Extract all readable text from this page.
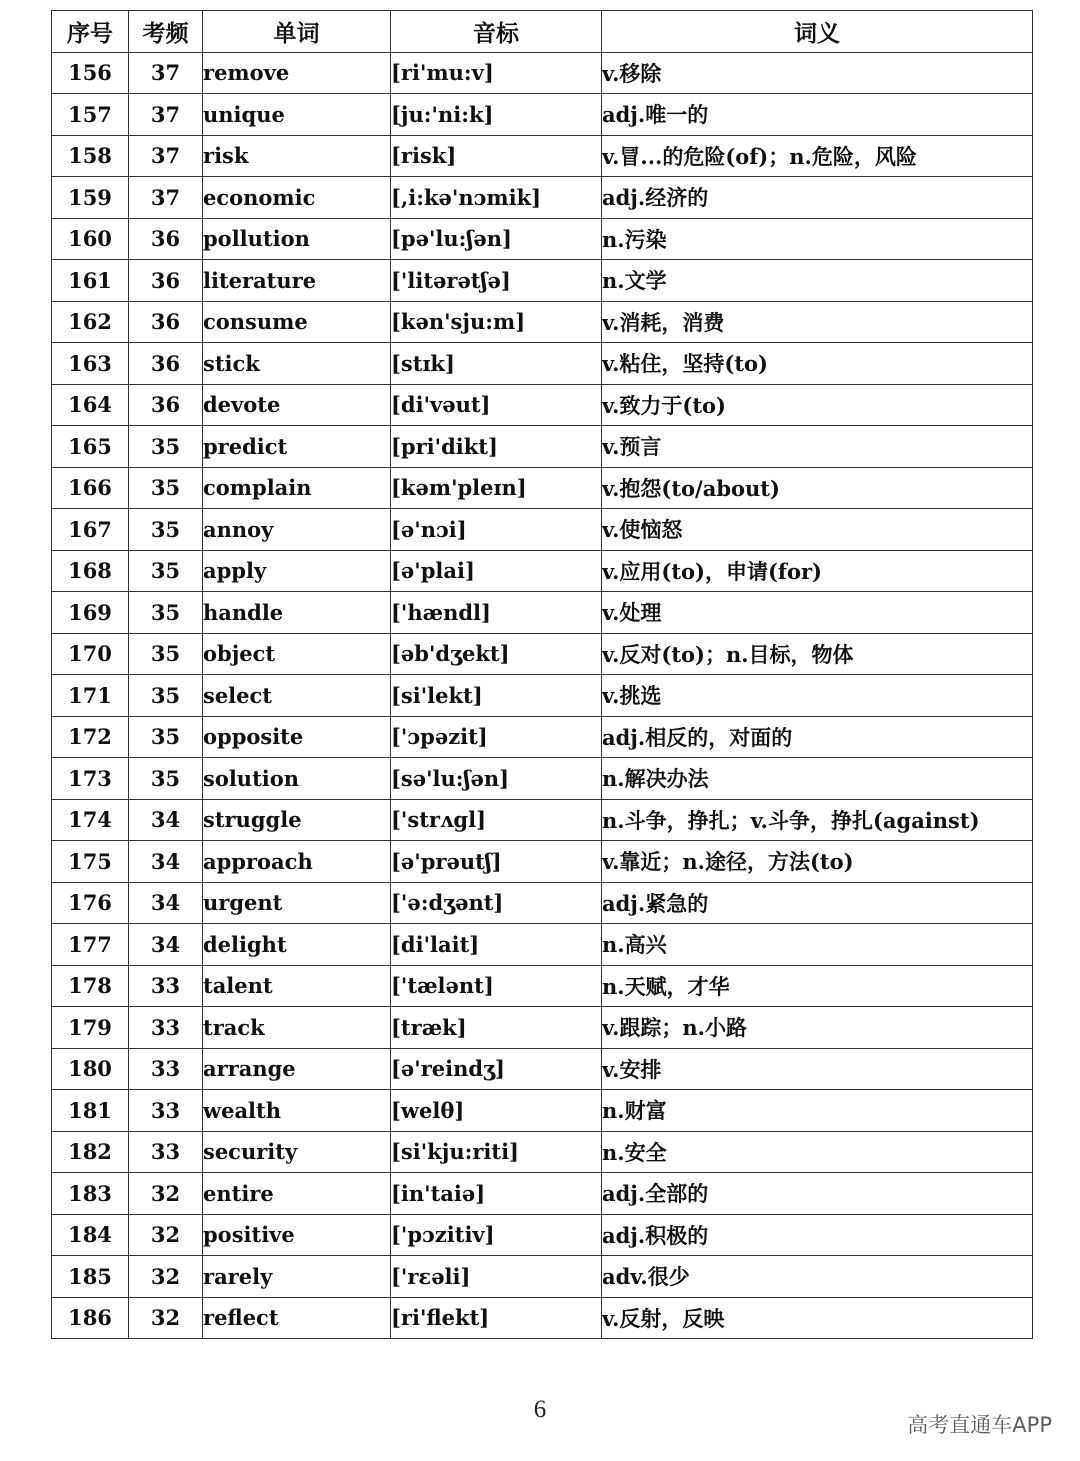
序号	考频	单词	音标	词义
156	37	remove	[ri'mu:v]	v.移除
157	37	unique	[ju:'ni:k]	adj.唯一的
158	37	risk	[risk]	v.冒...的危险(of)；n.危险，风险
159	37	economic	[,i:kə'nɔmik]	adj.经济的
160	36	pollution	[pə'lu:ʃən]	n.污染
161	36	literature	['litərətʃə]	n.文学
162	36	consume	[kən'sju:m]	v.消耗，消费
163	36	stick	[stɪk]	v.粘住，坚持(to)
164	36	devote	[di'vəut]	v.致力于(to)
165	35	predict	[pri'dikt]	v.预言
166	35	complain	[kəm'pleɪn]	v.抱怨(to/about)
167	35	annoy	[ə'nɔi]	v.使恼怒
168	35	apply	[ə'plai]	v.应用(to)，申请(for)
169	35	handle	['hændl]	v.处理
170	35	object	[əb'dʒekt]	v.反对(to)；n.目标，物体
171	35	select	[si'lekt]	v.挑选
172	35	opposite	['ɔpəzit]	adj.相反的，对面的
173	35	solution	[sə'lu:ʃən]	n.解决办法
174	34	struggle	['strʌgl]	n.斗争，挣扎；v.斗争，挣扎(against)
175	34	approach	[ə'prəutʃ]	v.靠近；n.途径，方法(to)
176	34	urgent	['ə:dʒənt]	adj.紧急的
177	34	delight	[di'lait]	n.高兴
178	33	talent	['tælənt]	n.天赋，才华
179	33	track	[træk]	v.跟踪；n.小路
180	33	arrange	[ə'reindʒ]	v.安排
181	33	wealth	[welθ]	n.财富
182	33	security	[si'kju:riti]	n.安全
183	32	entire	[in'taiə]	adj.全部的
184	32	positive	['pɔzitiv]	adj.积极的
185	32	rarely	['rɛəli]	adv.很少
186	32	reflect	[ri'flekt]	v.反射，反映
6
高考直通车APP
